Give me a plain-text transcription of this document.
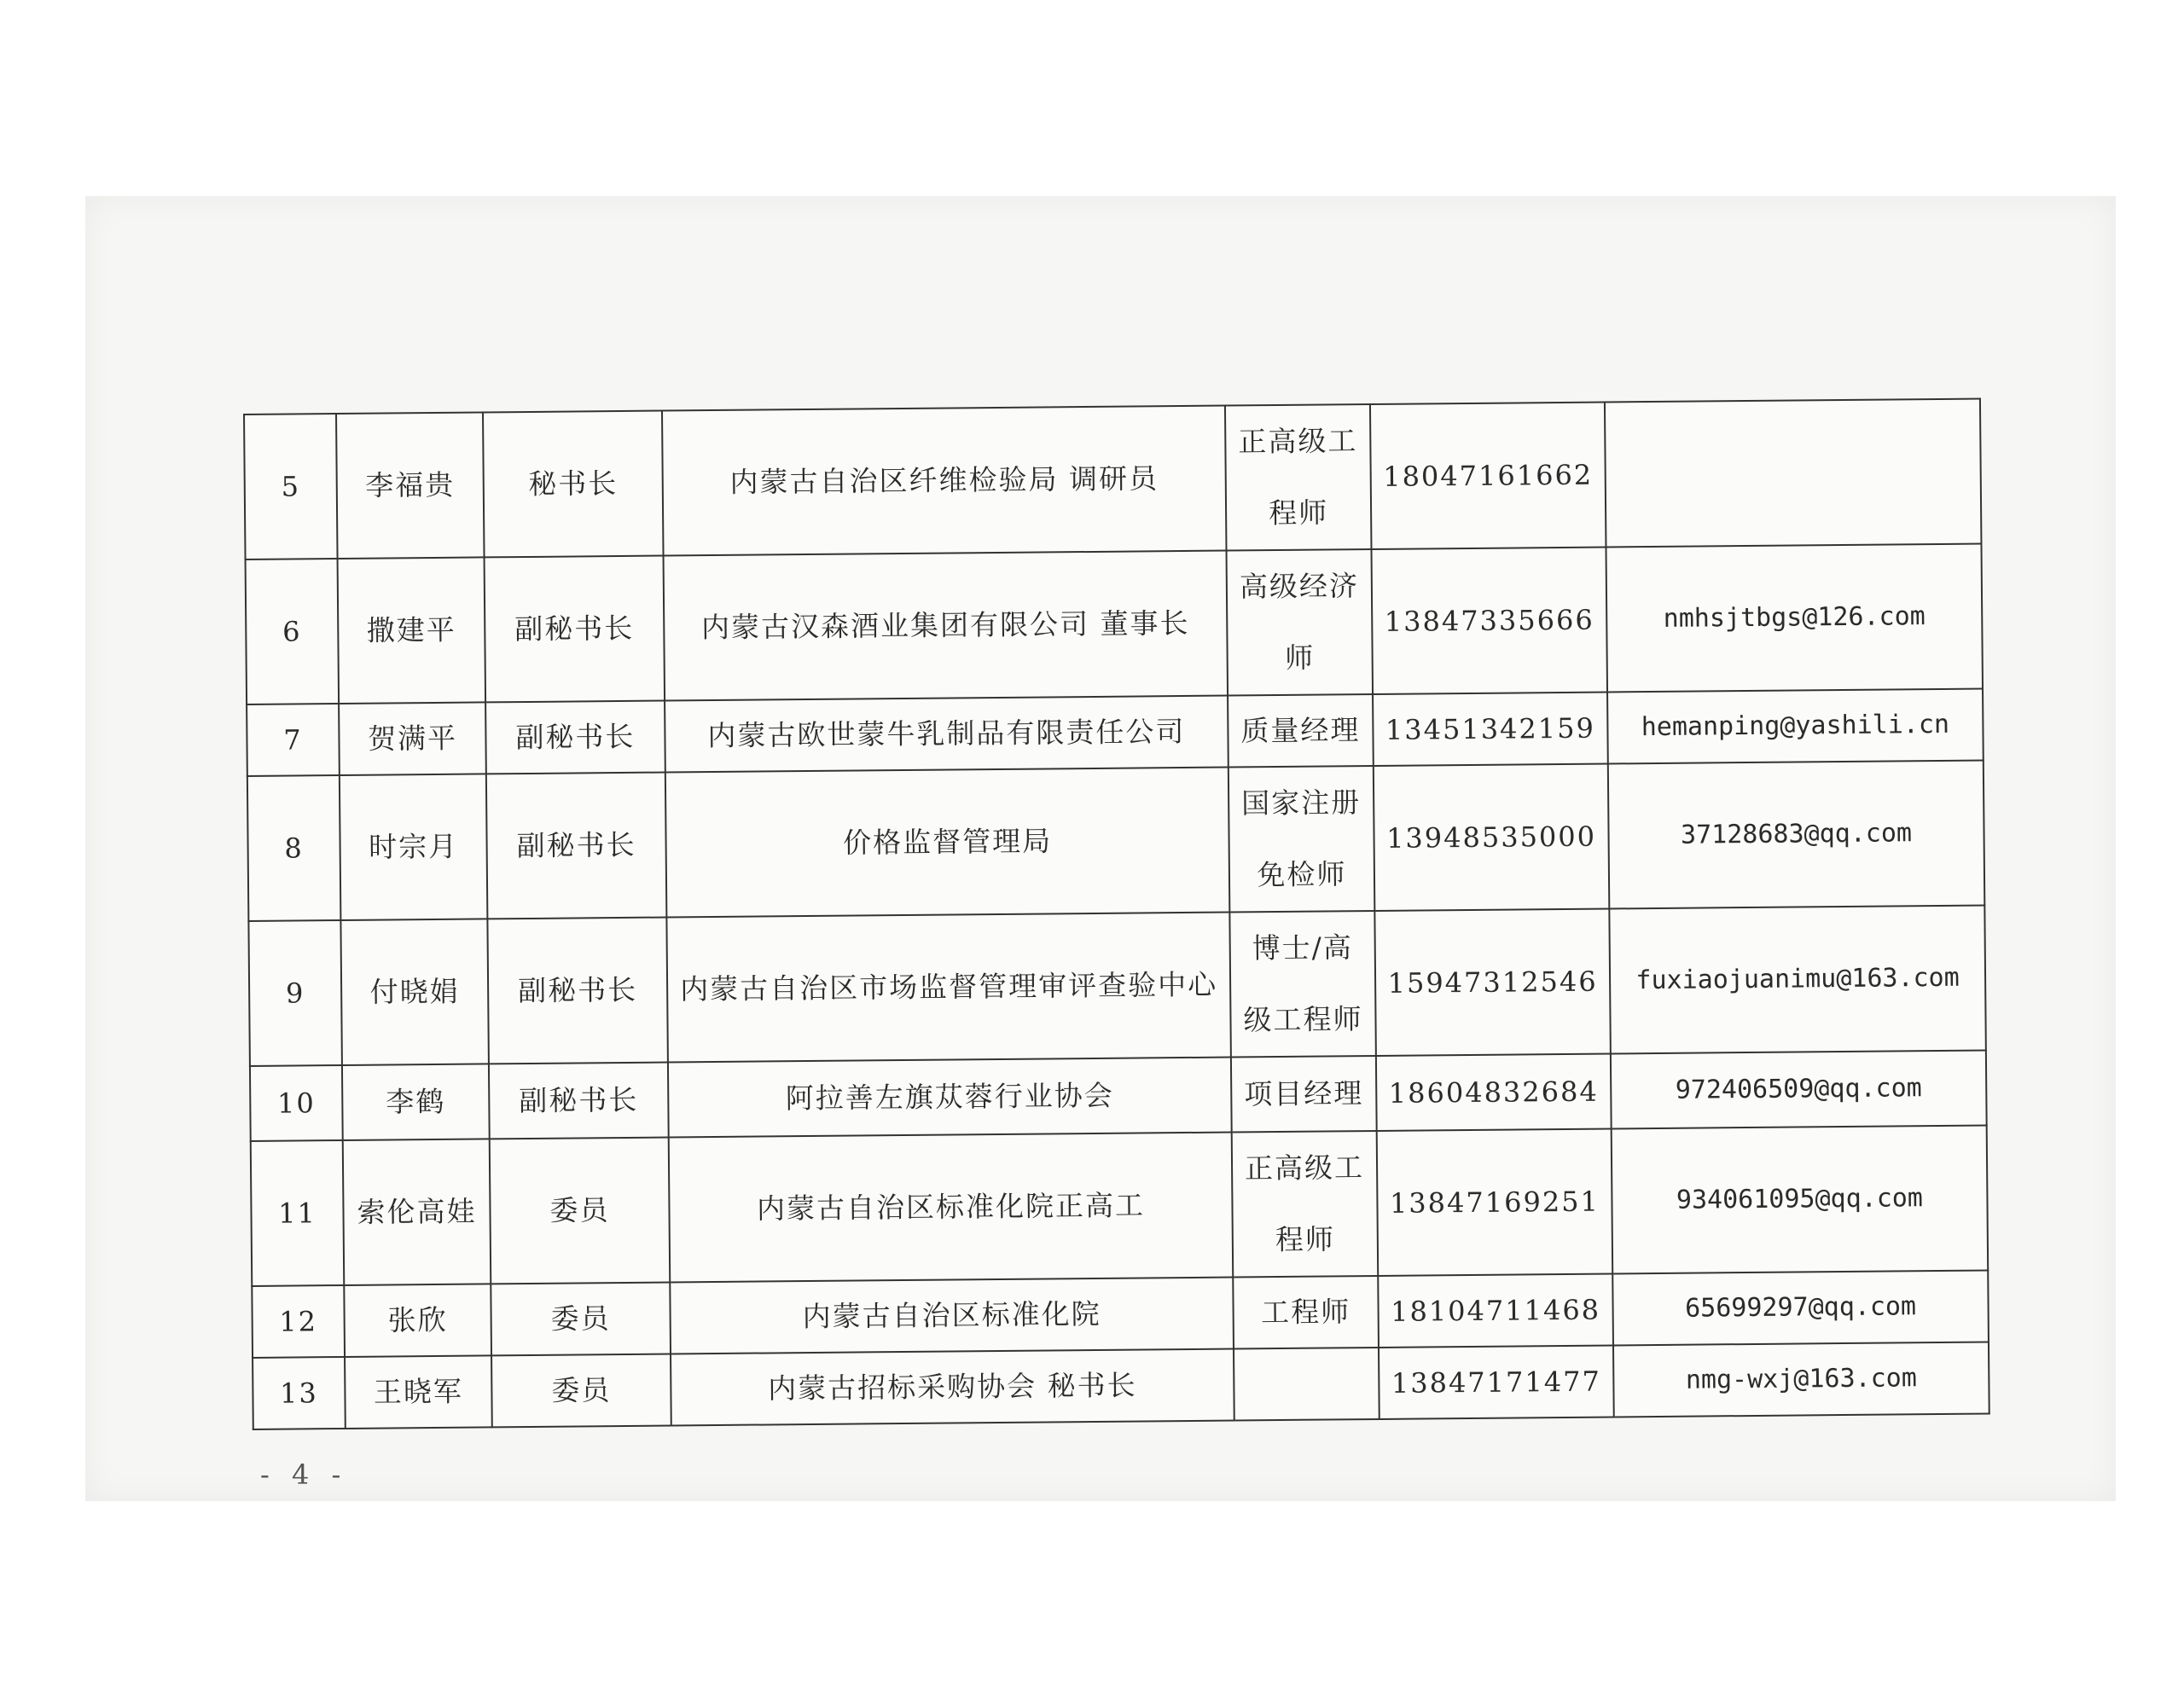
5	李福贵	秘书长	内蒙古自治区纤维检验局 调研员	正高级工程师	18047161662	
6	撒建平	副秘书长	内蒙古汉森酒业集团有限公司 董事长	高级经济师	13847335666	nmhsjtbgs@126.com
7	贺满平	副秘书长	内蒙古欧世蒙牛乳制品有限责任公司	质量经理	13451342159	hemanping@yashili.cn
8	时宗月	副秘书长	价格监督管理局	国家注册免检师	13948535000	37128683@qq.com
9	付晓娟	副秘书长	内蒙古自治区市场监督管理审评查验中心	博士/高级工程师	15947312546	fuxiaojuanimu@163.com
10	李鹤	副秘书长	阿拉善左旗苁蓉行业协会	项目经理	18604832684	972406509@qq.com
11	索伦高娃	委员	内蒙古自治区标准化院正高工	正高级工程师	13847169251	934061095@qq.com
12	张欣	委员	内蒙古自治区标准化院	工程师	18104711468	65699297@qq.com
13	王晓军	委员	内蒙古招标采购协会 秘书长		13847171477	nmg-wxj@163.com
- 4 -
